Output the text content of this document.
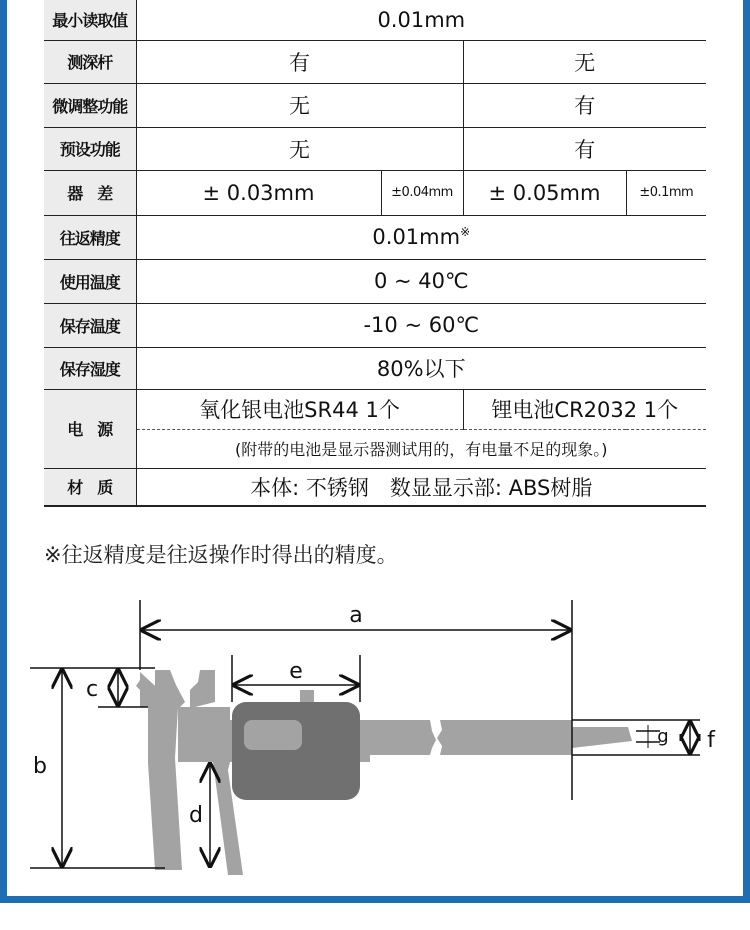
最小读取值	0.01mm			
测深杆	有		无	
微调整功能	无		有	
预设功能	无		有	
器　差	± 0.03mm	±0.04mm	± 0.05mm	±0.1mm
往返精度	0.01mm※
使用温度	0 ~ 40℃			
保存温度	-10 ~ 60℃			
保存湿度	80%以下			
电　源	氧化银电池SR44 1个		锂电池CR2032 1个	
	(附带的电池是显示器测试用的，有电量不足的现象。)			
材　质	本体: 不锈钢　数显显示部: ABS树脂			
※往返精度是往返操作时得出的精度。
a
e
b
c
d
f
g
